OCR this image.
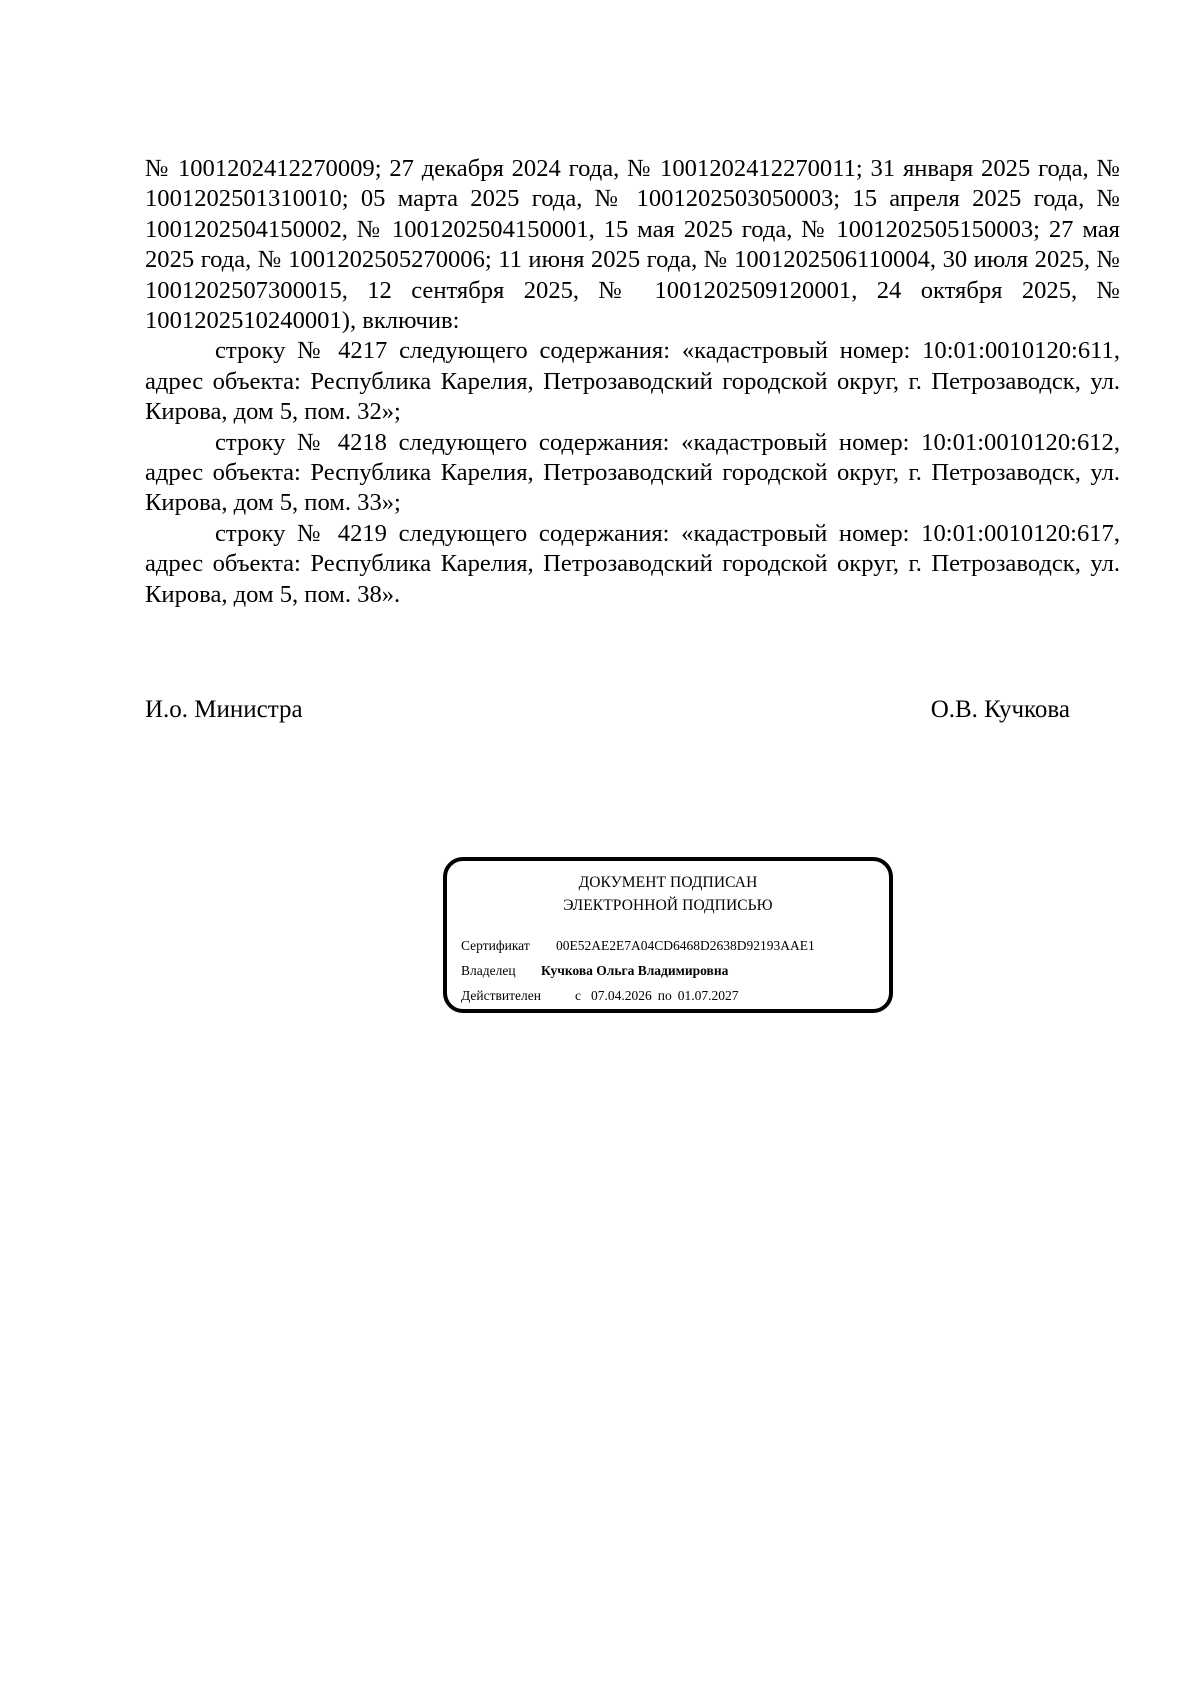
№ 1001202412270009; 27 декабря 2024 года, № 1001202412270011; 31 января 2025 года, № 1001202501310010; 05 марта 2025 года, № 1001202503050003; 15 апреля 2025 года, № 1001202504150002, № 1001202504150001, 15 мая 2025 года, № 1001202505150003; 27 мая 2025 года, № 1001202505270006; 11 июня 2025 года, № 1001202506110004, 30 июля 2025, № 1001202507300015, 12 сентября 2025, № 1001202509120001, 24 октября 2025, № 1001202510240001), включив:

строку № 4217 следующего содержания: «кадастровый номер: 10:01:0010120:611, адрес объекта: Республика Карелия, Петрозаводский городской округ, г. Петрозаводск, ул. Кирова, дом 5, пом. 32»;

строку № 4218 следующего содержания: «кадастровый номер: 10:01:0010120:612, адрес объекта: Республика Карелия, Петрозаводский городской округ, г. Петрозаводск, ул. Кирова, дом 5, пом. 33»;

строку № 4219 следующего содержания: «кадастровый номер: 10:01:0010120:617, адрес объекта: Республика Карелия, Петрозаводский городской округ, г. Петрозаводск, ул. Кирова, дом 5, пом. 38».

И.о. Министра	О.В. Кучкова
ДОКУМЕНТ ПОДПИСАН
ЭЛЕКТРОННОЙ ПОДПИСЬЮ
Сертификат 00E52AE2E7A04CD6468D2638D92193AAE1
Владелец Кучкова Ольга Владимировна
Действителен	с 07.04.2026 по 01.07.2027
